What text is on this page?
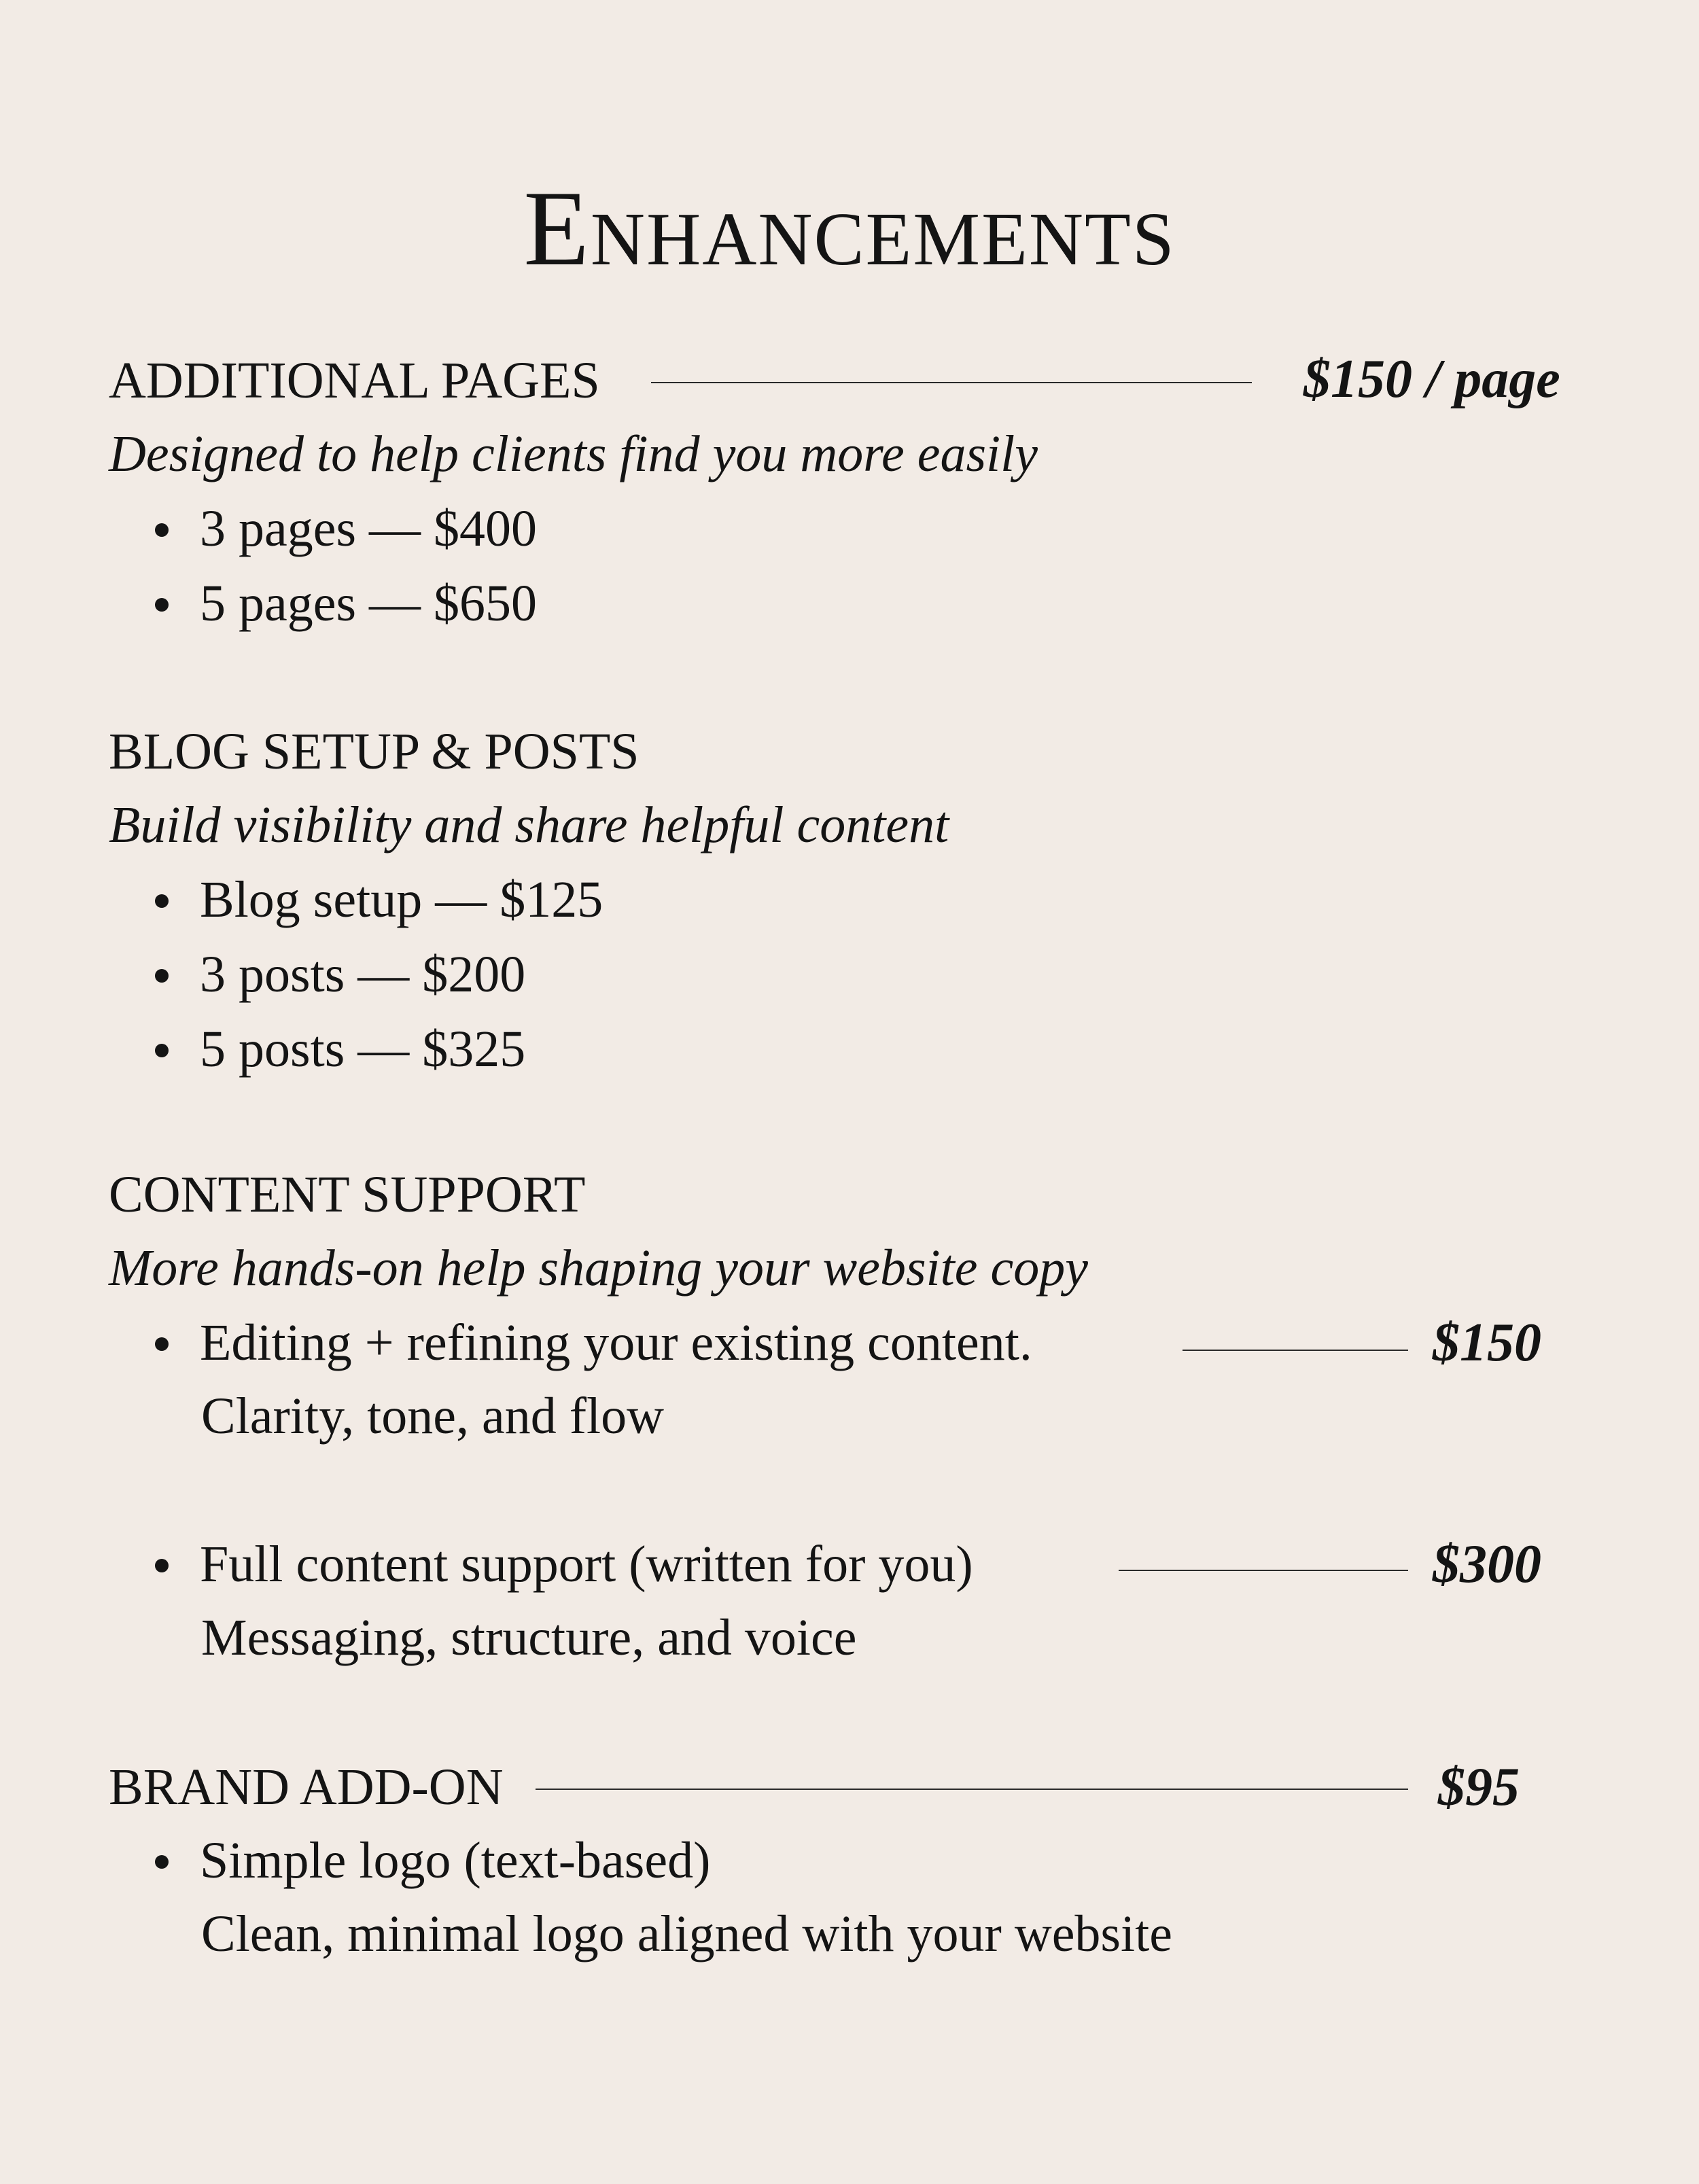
Enhancements
ADDITIONAL PAGES	$150 / page
Designed to help clients find you more easily
3 pages — $400
5 pages — $650
BLOG SETUP & POSTS
Build visibility and share helpful content
Blog setup — $125
3 posts — $200
5 posts — $325
CONTENT SUPPORT
More hands-on help shaping your website copy
Editing + refining your existing content.	$150
Clarity, tone, and flow
Full content support (written for you)	$300
Messaging, structure, and voice
BRAND ADD-ON	$95
Simple logo (text-based)
Clean, minimal logo aligned with your website
